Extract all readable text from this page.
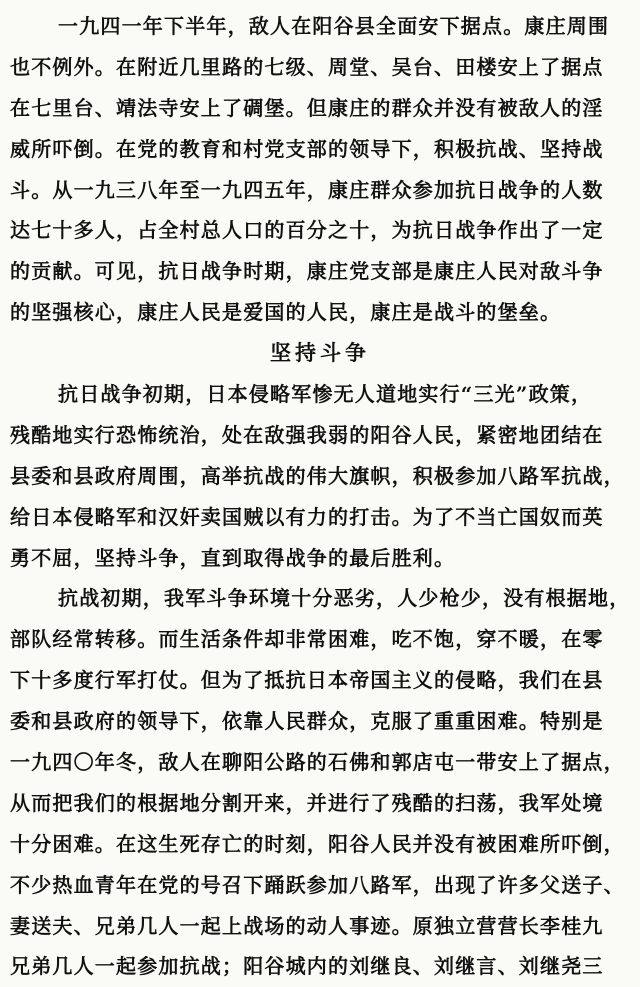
一九四一年下半年，敌人在阳谷县全面安下据点。康庄周围
也不例外。在附近几里路的七级、周堂、吴台、田楼安上了据点
在七里台、靖法寺安上了碉堡。但康庄的群众并没有被敌人的淫
威所吓倒。在党的教育和村党支部的领导下，积极抗战、坚持战
斗。从一九三八年至一九四五年，康庄群众参加抗日战争的人数
达七十多人，占全村总人口的百分之十，为抗日战争作出了一定
的贡献。可见，抗日战争时期，康庄党支部是康庄人民对敌斗争
的坚强核心，康庄人民是爱国的人民，康庄是战斗的堡垒。
坚持斗争
抗日战争初期，日本侵略军惨无人道地实行“三光”政策，
残酷地实行恐怖统治，处在敌强我弱的阳谷人民，紧密地团结在
县委和县政府周围，高举抗战的伟大旗帜，积极参加八路军抗战，
给日本侵略军和汉奸卖国贼以有力的打击。为了不当亡国奴而英
勇不屈，坚持斗争，直到取得战争的最后胜利。
抗战初期，我军斗争环境十分恶劣，人少枪少，没有根据地，
部队经常转移。而生活条件却非常困难，吃不饱，穿不暖，在零
下十多度行军打仗。但为了抵抗日本帝国主义的侵略，我们在县
委和县政府的领导下，依靠人民群众，克服了重重困难。特别是
一九四〇年冬，敌人在聊阳公路的石佛和郭店屯一带安上了据点，
从而把我们的根据地分割开来，并进行了残酷的扫荡，我军处境
十分困难。在这生死存亡的时刻，阳谷人民并没有被困难所吓倒，
不少热血青年在党的号召下踊跃参加八路军，出现了许多父送子、
妻送夫、兄弟几人一起上战场的动人事迹。原独立营营长李桂九
兄弟几人一起参加抗战；阳谷城内的刘继良、刘继言、刘继尧三
